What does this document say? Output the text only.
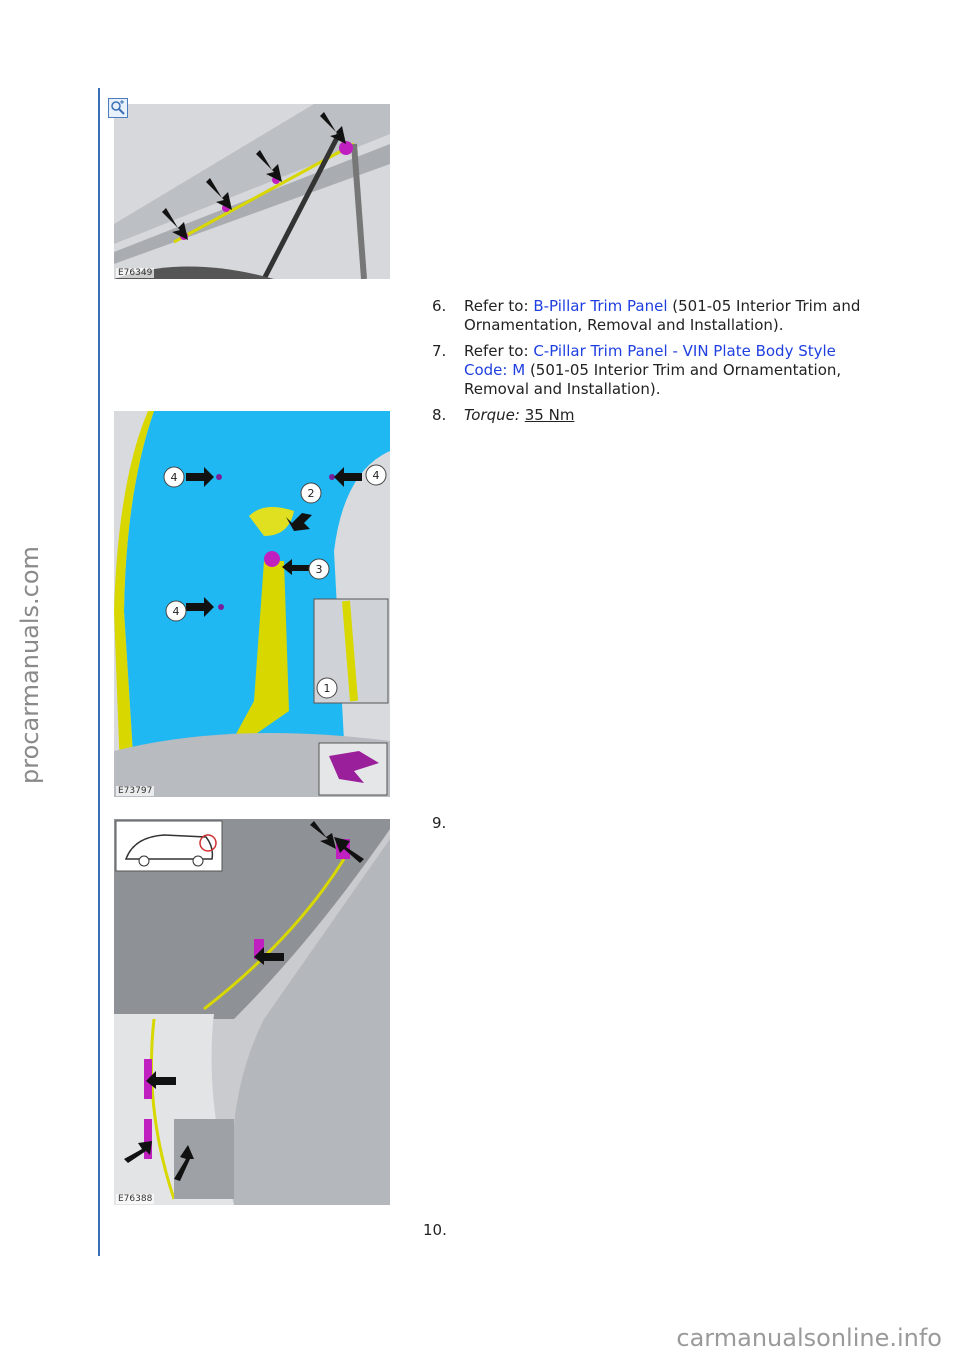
procarmanuals.com
E76349
4	4
2
3
4
1
E73797
E76388
6. Refer to: B-Pillar Trim Panel (501-05 Interior Trim and Ornamentation, Removal and Installation).
7. Refer to: C-Pillar Trim Panel - VIN Plate Body Style Code: M (501-05 Interior Trim and Ornamentation, Removal and Installation).
8. Torque: 35 Nm
9.
10.
carmanualsonline.info
